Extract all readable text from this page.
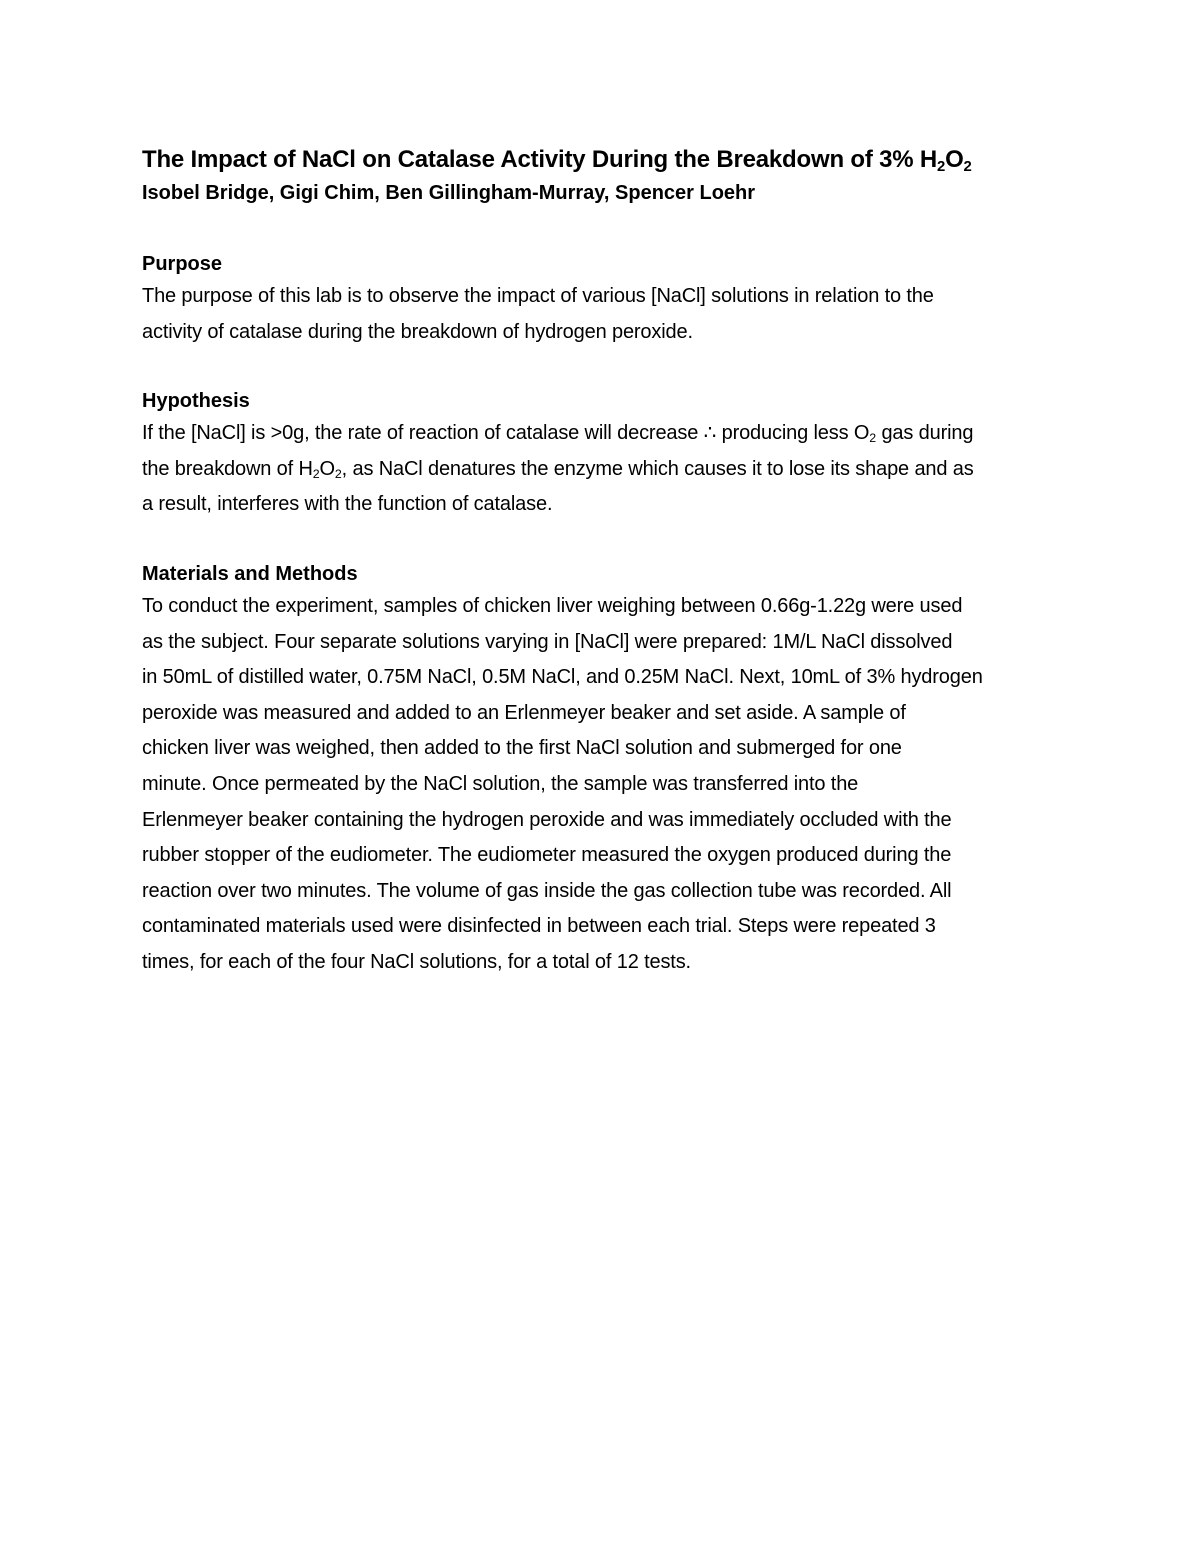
The Impact of NaCl on Catalase Activity During the Breakdown of 3% $H_2O_2$

Isobel Bridge, Gigi Chim, Ben Gillingham-Murray, Spencer Loehr

Purpose

The purpose of this lab is to observe the impact of various [NaCl] solutions in relation to the
activity of catalase during the breakdown of hydrogen peroxide.

Hypothesis

If the [NaCl] is >0g, the rate of reaction of catalase will decrease ∴ producing less $O_2$ gas during
the breakdown of $H_2O_2$, as NaCl denatures the enzyme which causes it to lose its shape and as
a result, interferes with the function of catalase.

Materials and Methods

To conduct the experiment, samples of chicken liver weighing between 0.66g-1.22g were used
as the subject. Four separate solutions varying in [NaCl] were prepared: 1M/L NaCl dissolved
in 50mL of distilled water, 0.75M NaCl, 0.5M NaCl, and 0.25M NaCl. Next, 10mL of 3% hydrogen
peroxide was measured and added to an Erlenmeyer beaker and set aside. A sample of
chicken liver was weighed, then added to the first NaCl solution and submerged for one
minute. Once permeated by the NaCl solution, the sample was transferred into the
Erlenmeyer beaker containing the hydrogen peroxide and was immediately occluded with the
rubber stopper of the eudiometer. The eudiometer measured the oxygen produced during the
reaction over two minutes. The volume of gas inside the gas collection tube was recorded. All
contaminated materials used were disinfected in between each trial. Steps were repeated 3
times, for each of the four NaCl solutions, for a total of 12 tests.
